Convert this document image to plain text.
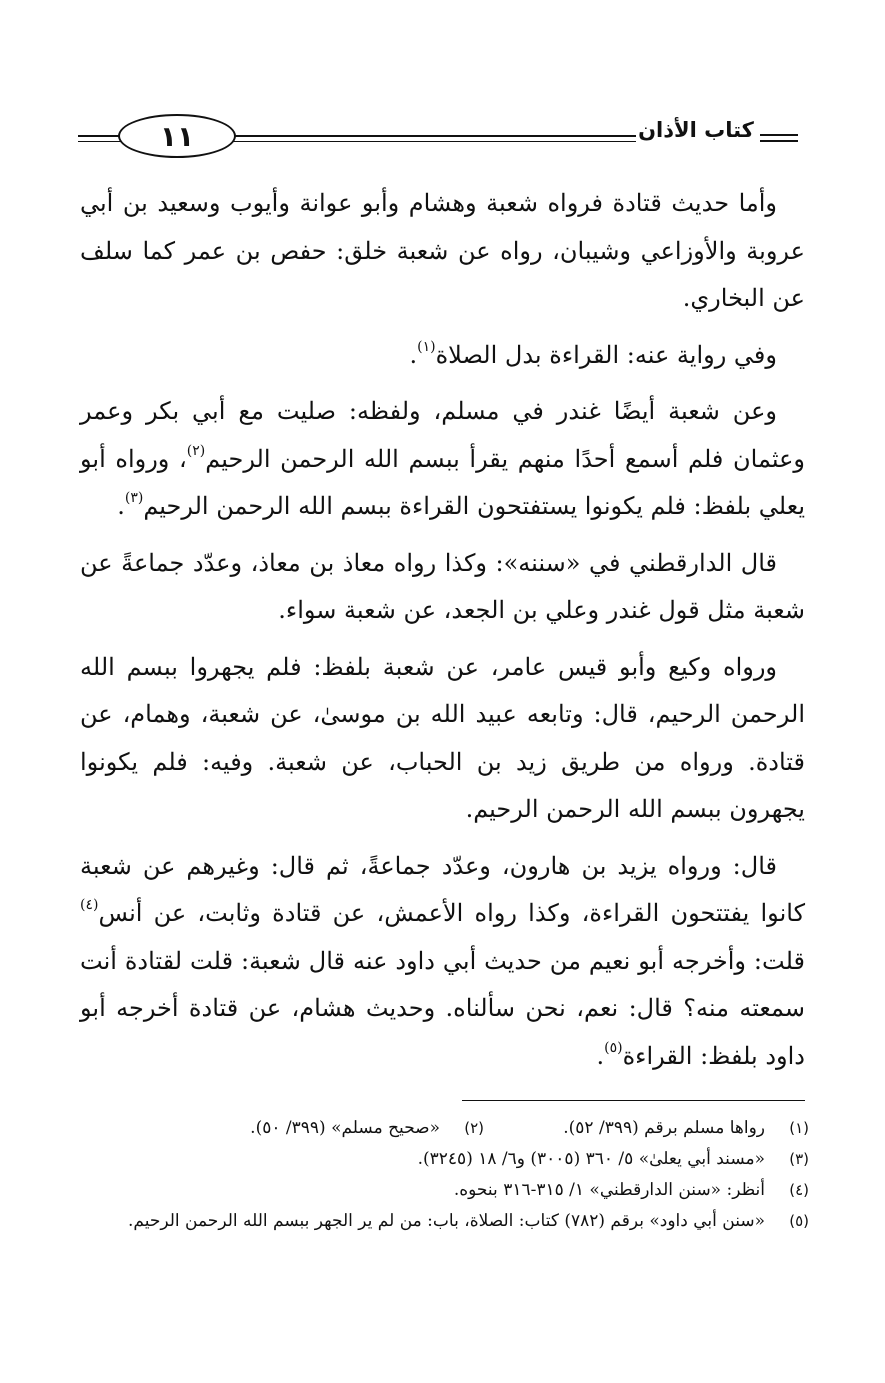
١١	كتاب الأذان

وأما حديث قتادة فرواه شعبة وهشام وأبو عوانة وأيوب وسعيد بن أبي عروبة والأوزاعي وشيبان، رواه عن شعبة خلق: حفص بن عمر كما سلف عن البخاري.

وفي رواية عنه: القراءة بدل الصلاة$^{(١)}$.

وعن شعبة أيضًا غندر في مسلم، ولفظه: صليت مع أبي بكر وعمر وعثمان فلم أسمع أحدًا منهم يقرأ ببسم الله الرحمن الرحيم$^{(٢)}$، ورواه أبو يعلي بلفظ: فلم يكونوا يستفتحون القراءة ببسم الله الرحمن الرحيم$^{(٣)}$.

قال الدارقطني في «سننه»: وكذا رواه معاذ بن معاذ، وعدّد جماعةً عن شعبة مثل قول غندر وعلي بن الجعد، عن شعبة سواء.

ورواه وكيع وأبو قيس عامر، عن شعبة بلفظ: فلم يجهروا ببسم الله الرحمن الرحيم، قال: وتابعه عبيد الله بن موسىٰ، عن شعبة، وهمام، عن قتادة. ورواه من طريق زيد بن الحباب، عن شعبة. وفيه: فلم يكونوا يجهرون ببسم الله الرحمن الرحيم.

قال: ورواه يزيد بن هارون، وعدّد جماعةً، ثم قال: وغيرهم عن شعبة كانوا يفتتحون القراءة، وكذا رواه الأعمش، عن قتادة وثابت، عن أنس$^{(٤)}$ قلت: وأخرجه أبو نعيم من حديث أبي داود عنه قال شعبة: قلت لقتادة أنت سمعته منه؟ قال: نعم، نحن سألناه. وحديث هشام، عن قتادة أخرجه أبو داود بلفظ: القراءة$^{(٥)}$.

(١)
رواها مسلم برقم (٣٩٩/ ٥٢).
(٢)
«صحيح مسلم» (٣٩٩/ ٥٠).
(٣)
«مسند أبي يعلىٰ» ٥/ ٣٦٠ (٣٠٠٥) و٦/ ١٨ (٣٢٤٥).
(٤)
أنظر: «سنن الدارقطني» ١/ ٣١٥-٣١٦ بنحوه.
(٥)
«سنن أبي داود» برقم (٧٨٢) كتاب: الصلاة، باب: من لم ير الجهر ببسم الله الرحمن الرحيم.
